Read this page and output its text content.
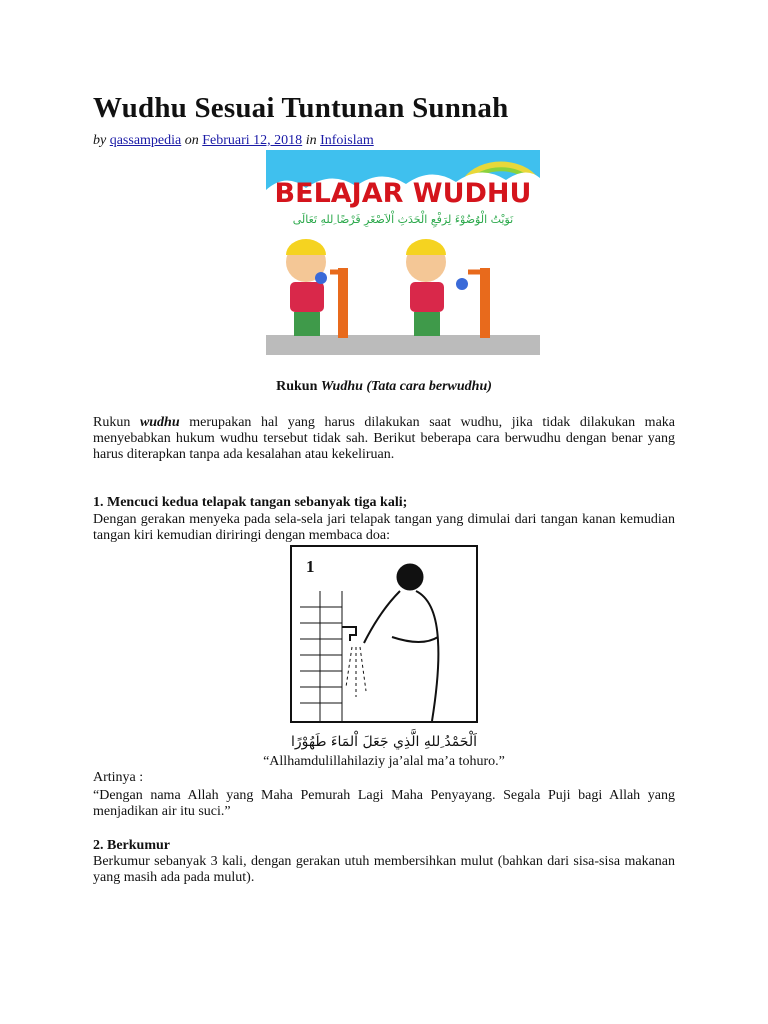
Wudhu Sesuai Tuntunan Sunnah
by qassampedia on Februari 12, 2018 in Infoislam
BELAJAR WUDHU
نَوَيْتُ الْوُضُوْءَ لِرَفْعِ الْحَدَثِ اْلاَصْغَرِ فَرْضًا ِللهِ تَعَالَى
Rukun Wudhu (Tata cara berwudhu)
Rukun wudhu merupakan hal yang harus dilakukan saat wudhu, jika tidak dilakukan maka menyebabkan hukum wudhu tersebut tidak sah. Berikut beberapa cara berwudhu dengan benar yang harus diterapkan tanpa ada kesalahan atau kekeliruan.
1. Mencuci kedua telapak tangan sebanyak tiga kali;
Dengan gerakan menyeka pada sela-sela jari telapak tangan yang dimulai dari tangan kanan kemudian tangan kiri kemudian diriringi dengan membaca doa:
1
اَلْحَمْدُ ِللهِ الَّذِي جَعَلَ اْلمَاءَ طَهُوْرًا
“Allhamdulillahilaziy ja’alal ma’a tohuro.”
Artinya :
“Dengan nama Allah yang Maha Pemurah Lagi Maha Penyayang. Segala Puji bagi Allah yang menjadikan air itu suci.”
2. Berkumur
Berkumur sebanyak 3 kali, dengan gerakan utuh membersihkan mulut (bahkan dari sisa-sisa makanan yang masih ada pada mulut).
